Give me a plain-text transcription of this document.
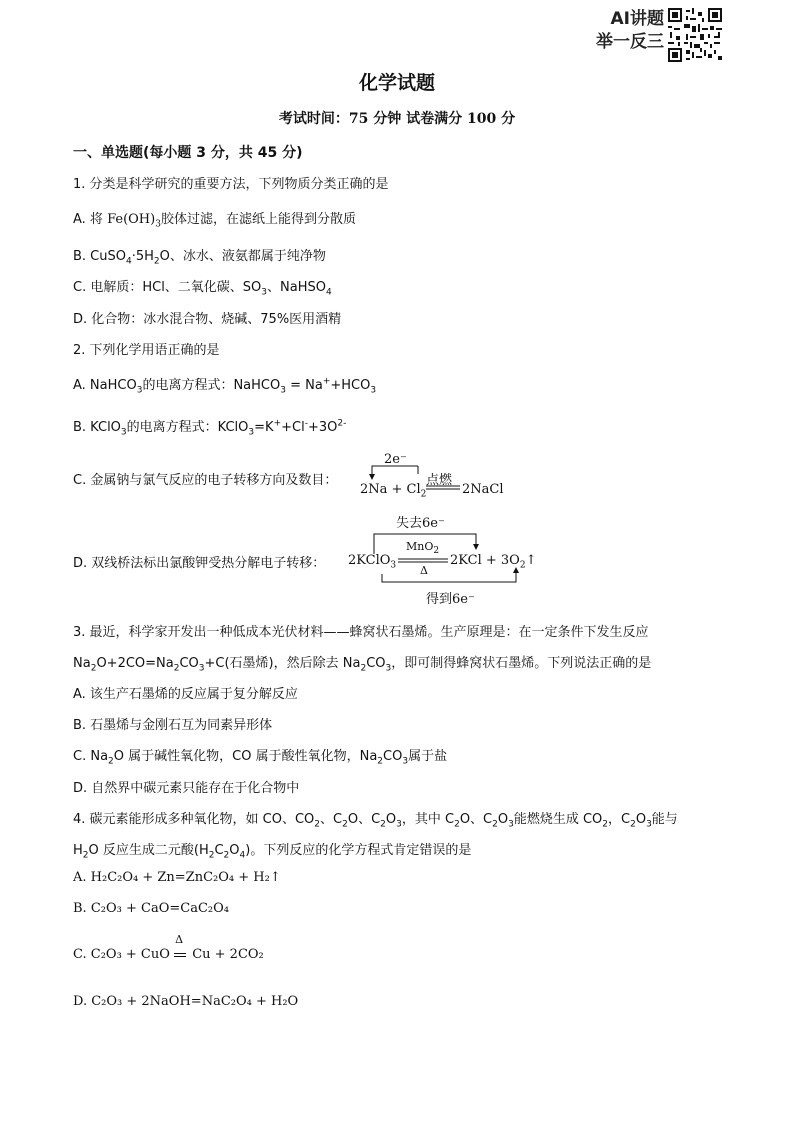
AI讲题
举一反三
化学试题
考试时间：75 分钟 试卷满分 100 分
一、单选题(每小题 3 分，共 45 分)
1. 分类是科学研究的重要方法，下列物质分类正确的是
A. 将 $Fe(OH)_3$胶体过滤，在滤纸上能得到分散质
B. $CuSO_4\cdot 5H_2O$、冰水、液氨都属于纯净物
C. 电解质：HCl、二氧化碳、$SO_3$、NaHSO$_4$
D. 化合物：冰水混合物、烧碱、75%医用酒精
2. 下列化学用语正确的是
A. NaHCO$_3$的电离方程式：NaHCO$_3$ = $Na^++HCO_3$
B. KClO$_3$的电离方程式：$KClO_3=K^++Cl^-+3O^{2-}$
C. 金属钠与氯气反应的电子转移方向及数目：
2e⁻
点燃
$2Na + Cl_2$	2NaCl
D. 双线桥法标出氯酸钾受热分解电子转移：
失去6e⁻
MnO$_2$
Δ
2KClO$_3$	$2KCl + 3O_2↑$
得到6e⁻
3. 最近，科学家开发出一种低成本光伏材料——蜂窝状石墨烯。生产原理是：在一定条件下发生反应
$Na_2O+2CO=Na_2CO_3+C$(石墨烯)，然后除去 $Na_2CO_3$，即可制得蜂窝状石墨烯。下列说法正确的是
A. 该生产石墨烯的反应属于复分解反应
B. 石墨烯与金刚石互为同素异形体
C. $Na_2O$ 属于碱性氧化物，CO 属于酸性氧化物，$Na_2CO_3$属于盐
D. 自然界中碳元素只能存在于化合物中
4. 碳元素能形成多种氧化物，如 CO、$CO_2$、$C_2O$、$C_2O_3$，其中 $C_2O$、$C_2O_3$能燃烧生成 $CO_2$，$C_2O_3$能与
$H_2O$ 反应生成二元酸$(H_2C_2O_4)$。下列反应的化学方程式肯定错误的是
A. H₂C₂O₄ + Zn=ZnC₂O₄ + H₂↑
B. C₂O₃ + CaO=CaC₂O₄
C. C₂O₃ + CuO
Δ
Cu + 2CO₂
D. C₂O₃ + 2NaOH=NaC₂O₄ + H₂O
